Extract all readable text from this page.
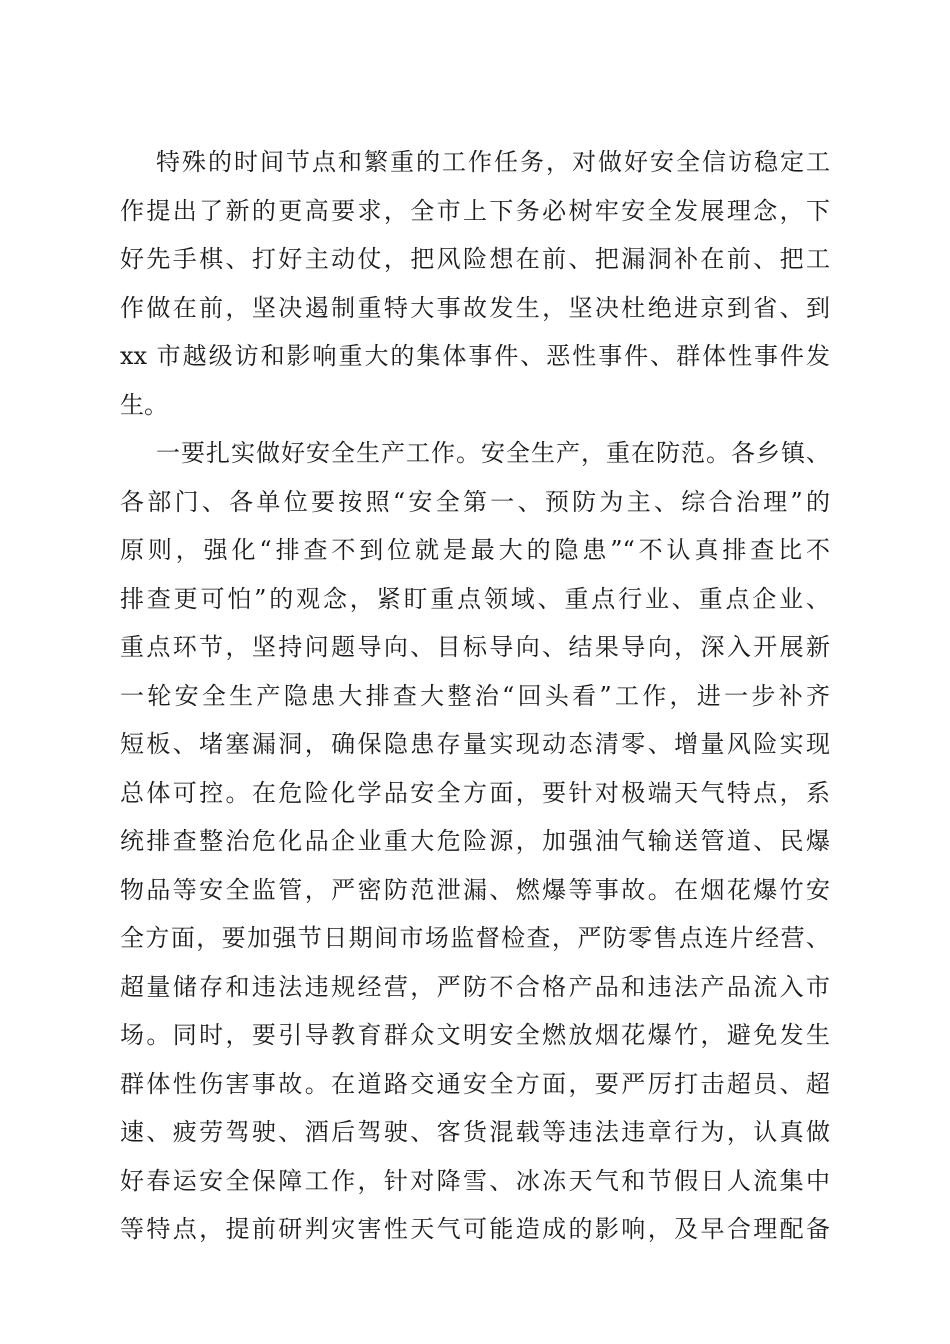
特殊的时间节点和繁重的工作任务，对做好安全信访稳定工
作提出了新的更高要求，全市上下务必树牢安全发展理念，下
好先手棋、打好主动仗，把风险想在前、把漏洞补在前、把工
作做在前，坚决遏制重特大事故发生，坚决杜绝进京到省、到
xx 市越级访和影响重大的集体事件、恶性事件、群体性事件发
生。
一要扎实做好安全生产工作。安全生产，重在防范。各乡镇、
各部门、各单位要按照“安全第一、预防为主、综合治理”的
原则，强化“排查不到位就是最大的隐患”“不认真排查比不
排查更可怕”的观念，紧盯重点领域、重点行业、重点企业、
重点环节，坚持问题导向、目标导向、结果导向，深入开展新
一轮安全生产隐患大排查大整治“回头看”工作，进一步补齐
短板、堵塞漏洞，确保隐患存量实现动态清零、增量风险实现
总体可控。在危险化学品安全方面，要针对极端天气特点，系
统排查整治危化品企业重大危险源，加强油气输送管道、民爆
物品等安全监管，严密防范泄漏、燃爆等事故。在烟花爆竹安
全方面，要加强节日期间市场监督检查，严防零售点连片经营、
超量储存和违法违规经营，严防不合格产品和违法产品流入市
场。同时，要引导教育群众文明安全燃放烟花爆竹，避免发生
群体性伤害事故。在道路交通安全方面，要严厉打击超员、超
速、疲劳驾驶、酒后驾驶、客货混载等违法违章行为，认真做
好春运安全保障工作，针对降雪、冰冻天气和节假日人流集中
等特点，提前研判灾害性天气可能造成的影响，及早合理配备
